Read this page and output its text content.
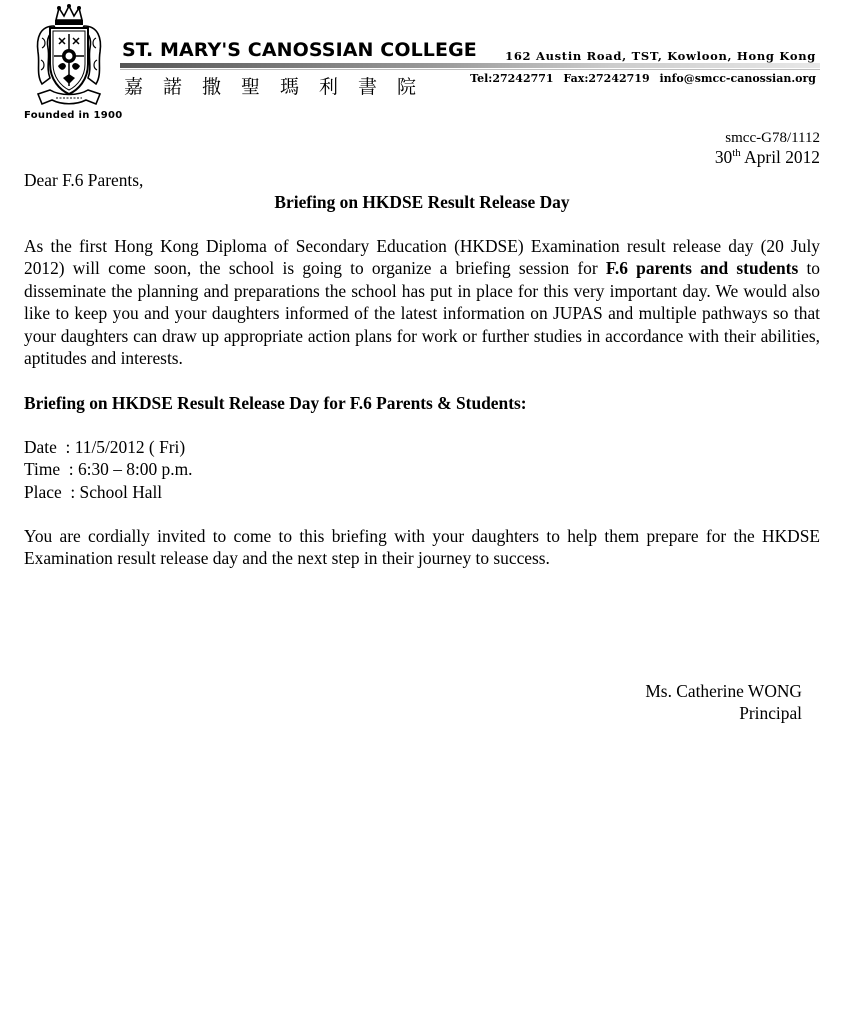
Founded in 1900
ST. MARY'S CANOSSIAN COLLEGE
嘉諾撒聖瑪利書院
162 Austin Road, TST, Kowloon, Hong Kong
Tel:27242771 Fax:27242719 info@smcc-canossian.org
smcc-G78/1112
30th April 2012
Dear F.6 Parents,
Briefing on HKDSE Result Release Day

As the first Hong Kong Diploma of Secondary Education (HKDSE) Examination result release day (20 July 2012) will come soon, the school is going to organize a briefing session for F.6 parents and students to disseminate the planning and preparations the school has put in place for this very important day. We would also like to keep you and your daughters informed of the latest information on JUPAS and multiple pathways so that your daughters can draw up appropriate action plans for work or further studies in accordance with their abilities, aptitudes and interests.

Briefing on HKDSE Result Release Day for F.6 Parents & Students:
Date  : 11/5/2012 ( Fri)
Time  : 6:30 – 8:00 p.m.
Place  : School Hall

You are cordially invited to come to this briefing with your daughters to help them prepare for the HKDSE Examination result release day and the next step in their journey to success.

Ms. Catherine WONG
Principal
